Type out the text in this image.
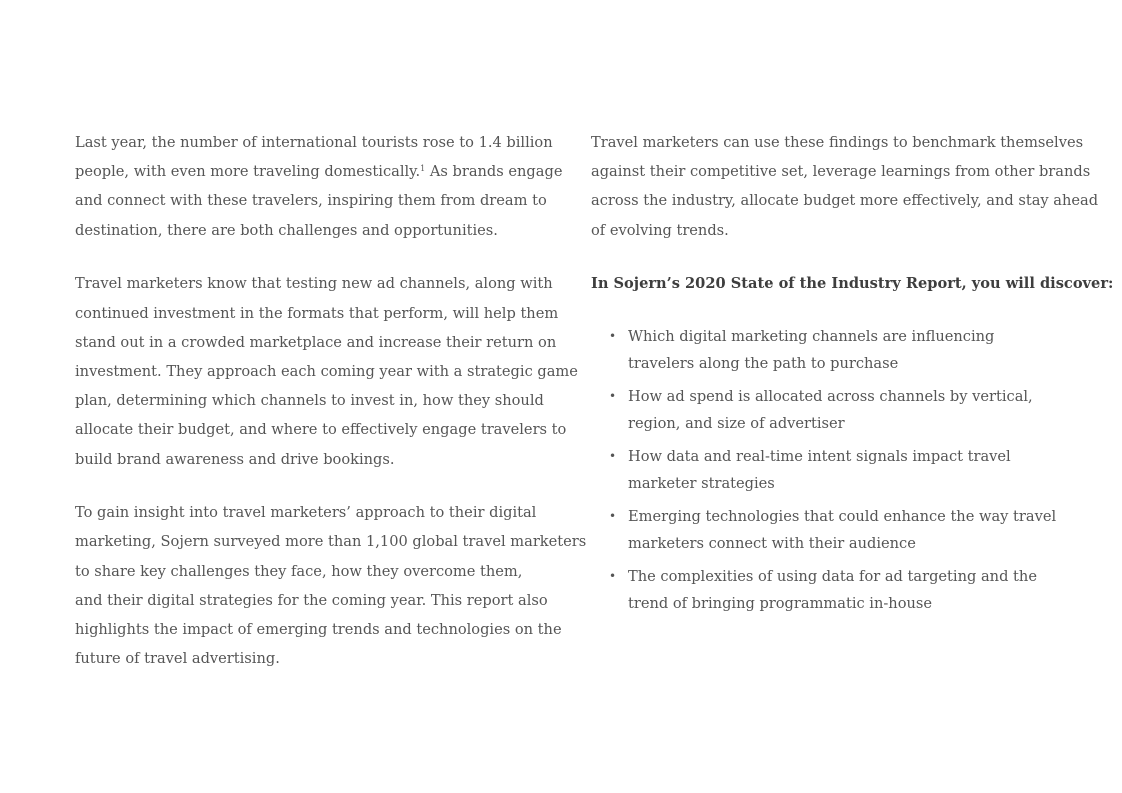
Last year, the number of international tourists rose to 1.4 billion
people, with even more traveling domestically.$^1$ As brands engage
and connect with these travelers, inspiring them from dream to
destination, there are both challenges and opportunities.

Travel marketers know that testing new ad channels, along with
continued investment in the formats that perform, will help them
stand out in a crowded marketplace and increase their return on
investment. They approach each coming year with a strategic game
plan, determining which channels to invest in, how they should
allocate their budget, and where to effectively engage travelers to
build brand awareness and drive bookings.

To gain insight into travel marketers’ approach to their digital
marketing, Sojern surveyed more than 1,100 global travel marketers
to share key challenges they face, how they overcome them,
and their digital strategies for the coming year. This report also
highlights the impact of emerging trends and technologies on the
future of travel advertising.

Travel marketers can use these findings to benchmark themselves
against their competitive set, leverage learnings from other brands
across the industry, allocate budget more effectively, and stay ahead
of evolving trends.

In Sojern’s 2020 State of the Industry Report, you will discover:

• Which digital marketing channels are influencing
travelers along the path to purchase
• How ad spend is allocated across channels by vertical,
region, and size of advertiser
• How data and real-time intent signals impact travel
marketer strategies
• Emerging technologies that could enhance the way travel
marketers connect with their audience
• The complexities of using data for ad targeting and the
trend of bringing programmatic in-house
